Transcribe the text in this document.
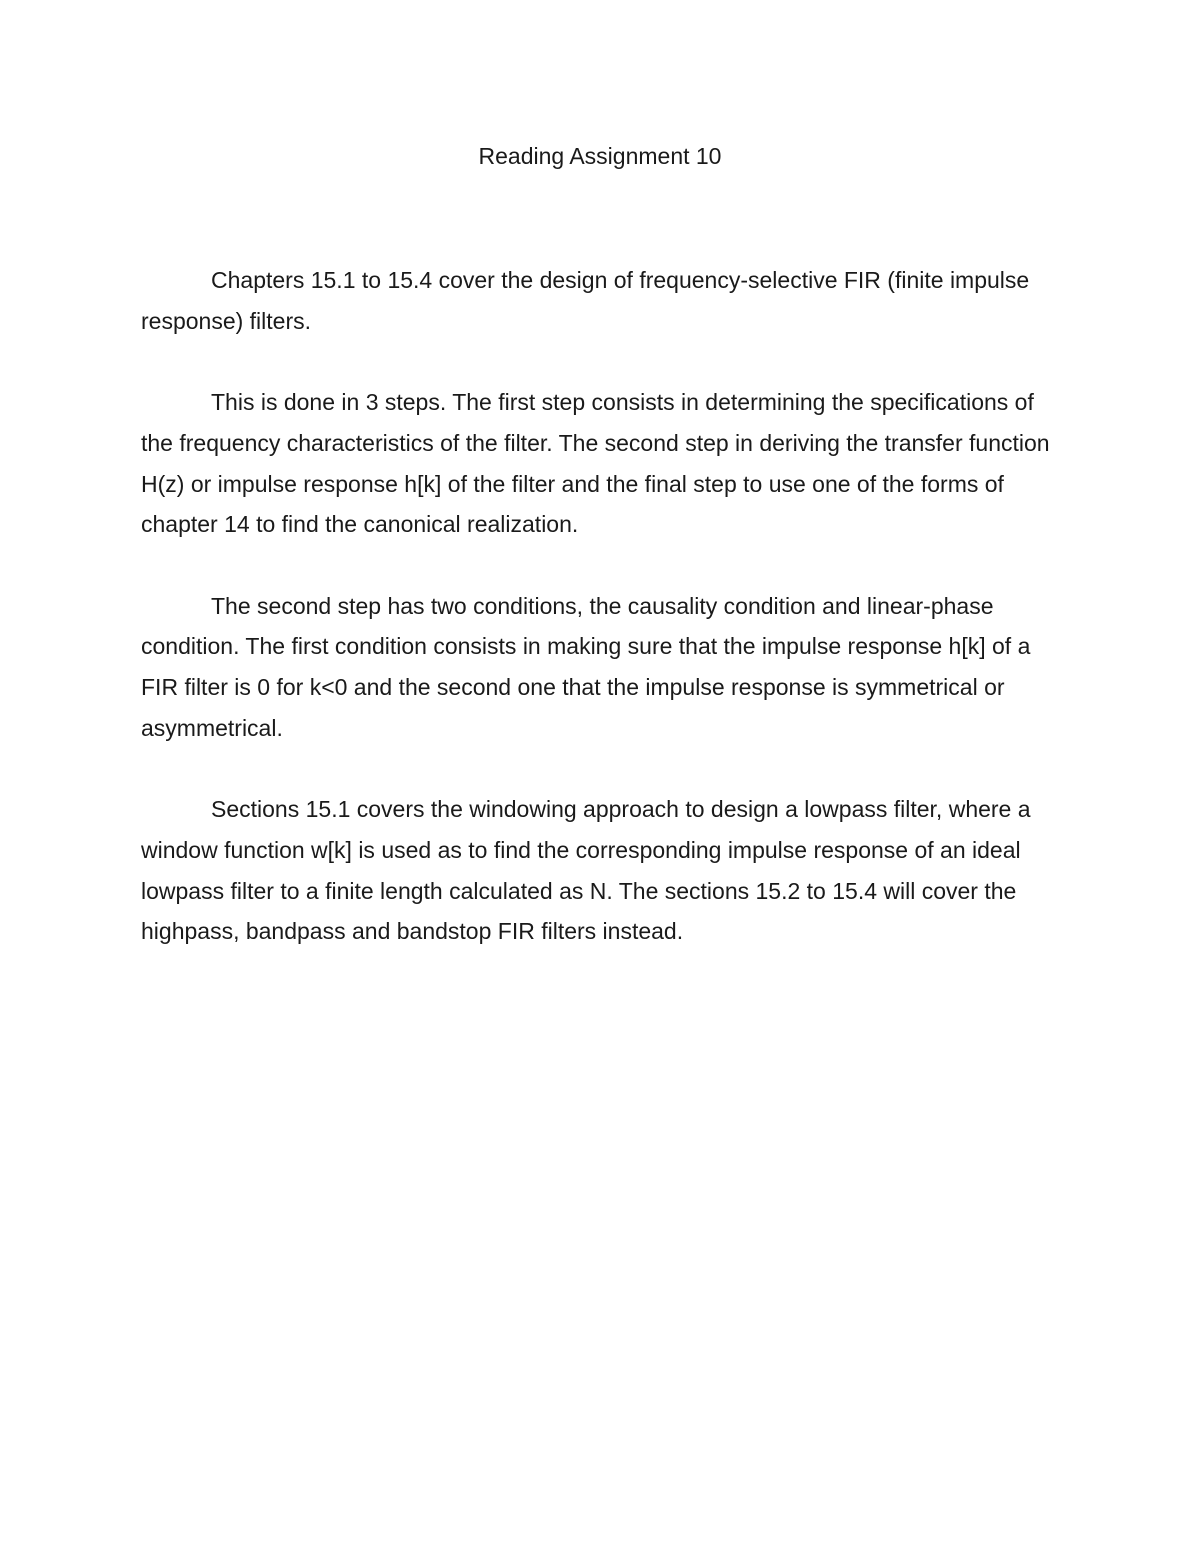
Reading Assignment 10

Chapters 15.1 to 15.4 cover the design of frequency-selective FIR (finite impulse response) filters.

This is done in 3 steps. The first step consists in determining the specifications of the frequency characteristics of the filter. The second step in deriving the transfer function H(z) or impulse response h[k] of the filter and the final step to use one of the forms of chapter 14 to find the canonical realization.

The second step has two conditions, the causality condition and linear-phase condition. The first condition consists in making sure that the impulse response h[k] of a FIR filter is 0 for k<0 and the second one that the impulse response is symmetrical or asymmetrical.

Sections 15.1 covers the windowing approach to design a lowpass filter, where a window function w[k] is used as to find the corresponding impulse response of an ideal lowpass filter to a finite length calculated as N. The sections 15.2 to 15.4 will cover the highpass, bandpass and bandstop FIR filters instead.
